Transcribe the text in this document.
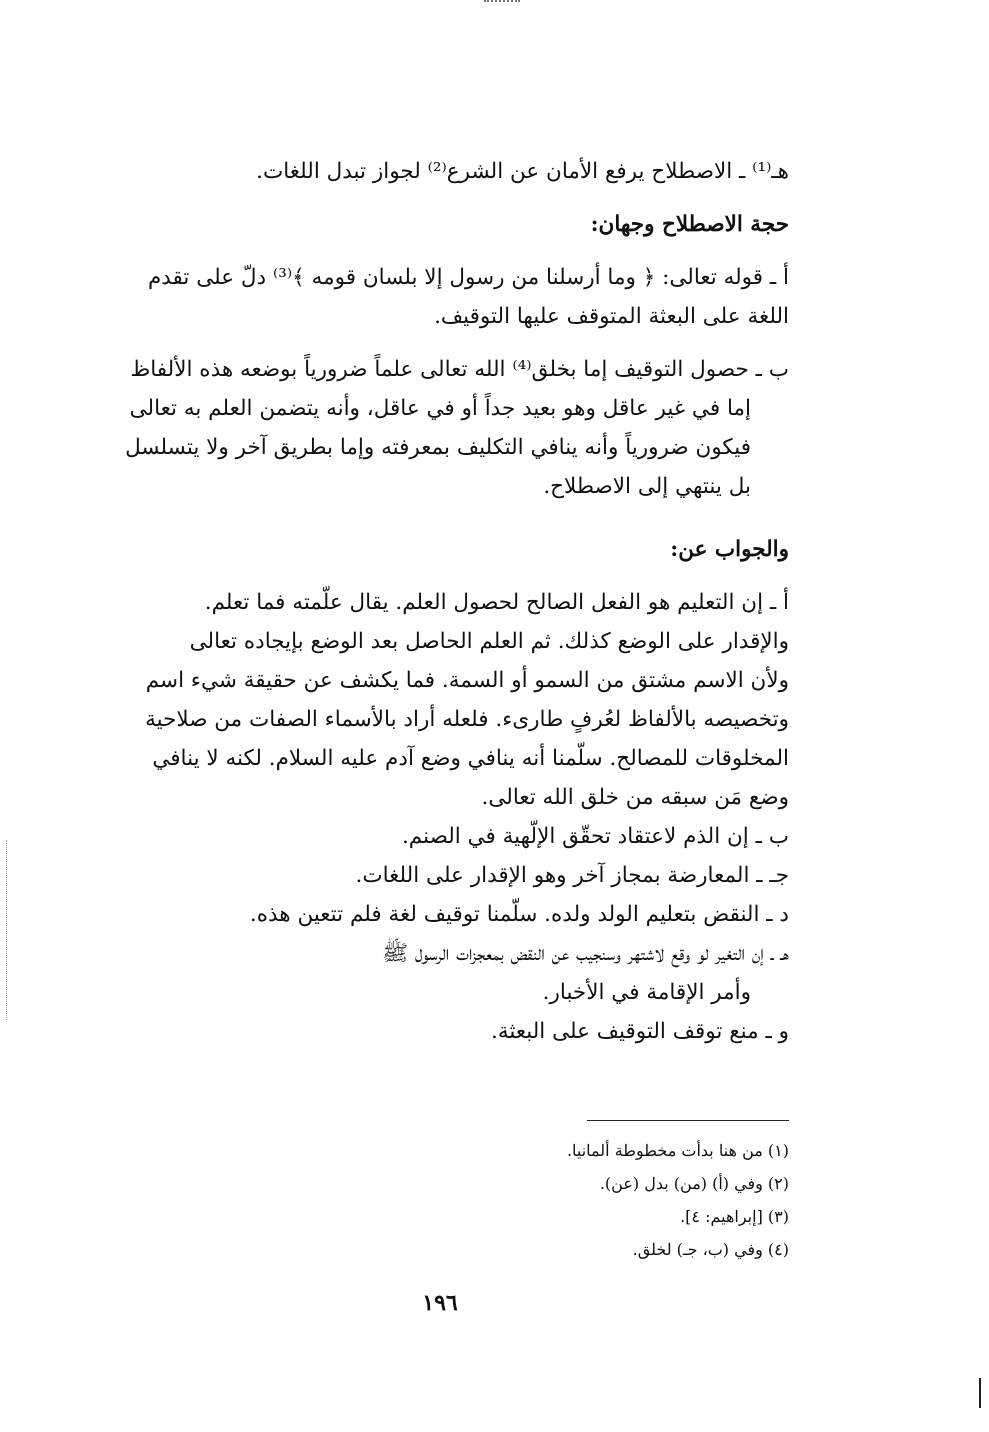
هـ⁽¹⁾ ـ الاصطلاح يرفع الأمان عن الشرع⁽²⁾ لجواز تبدل اللغات.
حجة الاصطلاح وجهان:
أ ـ قوله تعالى: ﴿ وما أرسلنا من رسول إلا بلسان قومه ﴾⁽³⁾ دلّ على تقدم
اللغة على البعثة المتوقف عليها التوقيف.
ب ـ حصول التوقيف إما بخلق⁽⁴⁾ الله تعالى علماً ضرورياً بوضعه هذه الألفاظ
إما في غير عاقل وهو بعيد جداً أو في عاقل، وأنه يتضمن العلم به تعالى
فيكون ضرورياً وأنه ينافي التكليف بمعرفته وإما بطريق آخر ولا يتسلسل
بل ينتهي إلى الاصطلاح.
والجواب عن:
أ ـ إن التعليم هو الفعل الصالح لحصول العلم. يقال علّمته فما تعلم.
والإقدار على الوضع كذلك. ثم العلم الحاصل بعد الوضع بإيجاده تعالى
ولأن الاسم مشتق من السمو أو السمة. فما يكشف عن حقيقة شيء اسم
وتخصيصه بالألفاظ لعُرفٍ طارىء. فلعله أراد بالأسماء الصفات من صلاحية
المخلوقات للمصالح. سلّمنا أنه ينافي وضع آدم عليه السلام. لكنه لا ينافي
وضع مَن سبقه من خلق الله تعالى.
ب ـ إن الذم لاعتقاد تحقّق الإلّهية في الصنم.
جـ ـ المعارضة بمجاز آخر وهو الإقدار على اللغات.
د ـ النقض بتعليم الولد ولده. سلّمنا توقيف لغة فلم تتعين هذه.
هـ ـ إن التغير لو وقع لاشتهر وسنجيب عن النقض بمعجزات الرسول ﷺ
وأمر الإقامة في الأخبار.
و ـ منع توقف التوقيف على البعثة.
(١) من هنا بدأت مخطوطة ألمانيا.
(٢) وفي (أ) (من) بدل (عن).
(٣) [إبراهيم: ٤].
(٤) وفي (ب، جـ) لخلق.
١٩٦
